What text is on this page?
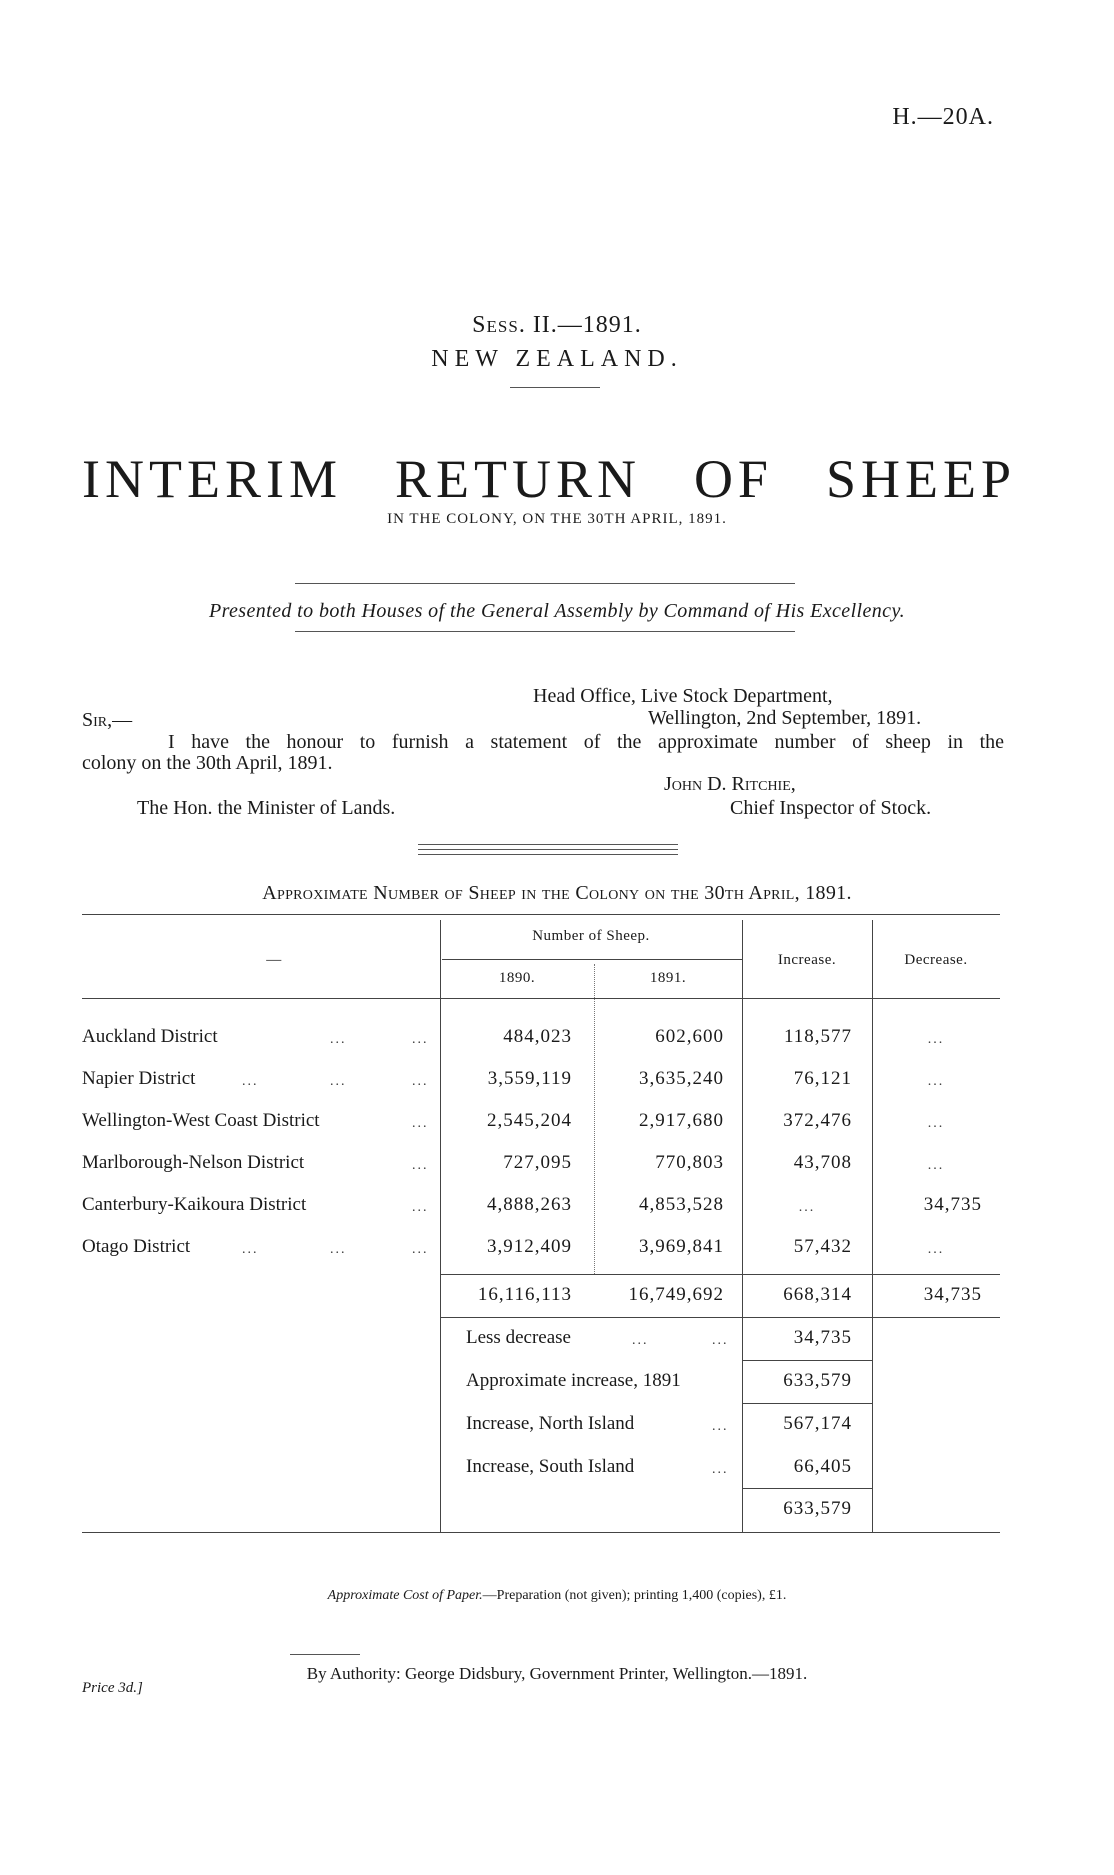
H.—20A.
Sess. II.—1891.
NEW ZEALAND.
INTERIM RETURN OF SHEEP
IN THE COLONY, ON THE 30TH APRIL, 1891.
Presented to both Houses of the General Assembly by Command of His Excellency.
Head Office, Live Stock Department,
Wellington, 2nd September, 1891.
Sir,—
I have the honour to furnish a statement of the approximate number of sheep in the
colony on the 30th April, 1891.
John D. Ritchie,
The Hon. the Minister of Lands.	Chief Inspector of Stock.
Approximate Number of Sheep in the Colony on the 30th April, 1891.
—
Number of Sheep.
1890.	1891.
Increase.	Decrease.
Auckland District	...	...	484,023	602,600	118,577	...
Napier District	...	...	...	3,559,119	3,635,240	76,121	...
Wellington-West Coast District	...	2,545,204	2,917,680	372,476	...
Marlborough-Nelson District	...	727,095	770,803	43,708	...
Canterbury-Kaikoura District	...	4,888,263	4,853,528	...	34,735
Otago District	...	...	...	3,912,409	3,969,841	57,432	...
16,116,113	16,749,692	668,314	34,735
Less decrease	...	...	34,735
Approximate increase, 1891	633,579
Increase, North Island	...	567,174
Increase, South Island	...	66,405
633,579
Approximate Cost of Paper.—Preparation (not given); printing 1,400 (copies), £1.
By Authority: George Didsbury, Government Printer, Wellington.—1891.
Price 3d.]
